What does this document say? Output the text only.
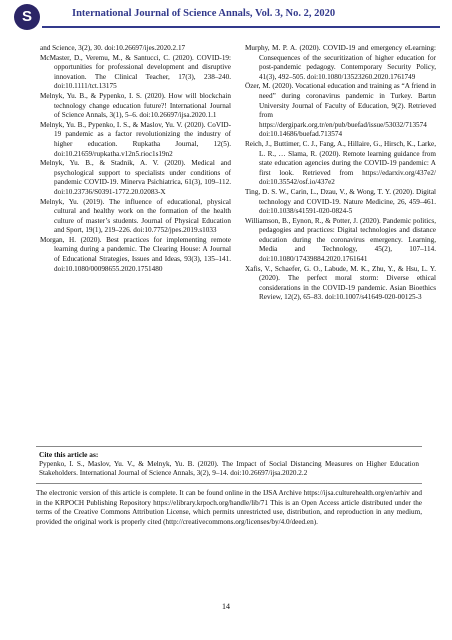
S	International Journal of Science Annals, Vol. 3, No. 2, 2020

and Science, 3(2), 30. doi:10.26697/ijes.2020.2.17

McMaster, D., Veremu, M., & Santucci, C. (2020). COVID-19: opportunities for professional development and disruptive innovation. The Clinical Teacher, 17(3), 238–240. doi:10.1111/tct.13175

Melnyk, Yu. B., & Pypenko, I. S. (2020). How will blockchain technology change education future?! International Journal of Science Annals, 3(1), 5–6. doi:10.26697/ijsa.2020.1.1

Melnyk, Yu. B., Pypenko, I. S., & Maslov, Yu. V. (2020). CoVID-19 pandemic as a factor revolutionizing the industry of higher education. Rupkatha Journal, 12(5). doi:10.21659/rupkatha.v12n5.rioc1s19n2

Melnyk, Yu. B., & Stadnik, A. V. (2020). Medical and psychological support to specialists under conditions of pandemic COVID-19. Minerva Psichiatrica, 61(3), 109–112. doi:10.23736/S0391-1772.20.02083-X

Melnyk, Yu. (2019). The influence of educational, physical cultural and healthy work on the formation of the health culture of master’s students. Journal of Physical Education and Sport, 19(1), 219–226. doi:10.7752/jpes.2019.s1033

Morgan, H. (2020). Best practices for implementing remote learning during a pandemic. The Clearing House: A Journal of Educational Strategies, Issues and Ideas, 93(3), 135–141. doi:10.1080/00098655.2020.1751480

Murphy, M. P. A. (2020). COVID-19 and emergency eLearning: Consequences of the securitization of higher education for post-pandemic pedagogy. Contemporary Security Policy, 41(3), 492–505. doi:10.1080/13523260.2020.1761749

Özer, M. (2020). Vocational education and training as “A friend in need” during coronavirus pandemic in Turkey. Bartın University Journal of Faculty of Education, 9(2). Retrieved from https://dergipark.org.tr/en/pub/buefad/issue/53032/713574 doi:10.14686/buefad.713574

Reich, J., Buttimer, C. J., Fang, A., Hillaire, G., Hirsch, K., Larke, L. R., … Slama, R. (2020). Remote learning guidance from state education agencies during the COVID-19 pandemic: A first look. Retrieved from https://edarxiv.org/437e2/ doi:10.35542/osf.io/437e2

Ting, D. S. W., Carin, L., Dzau, V., & Wong, T. Y. (2020). Digital technology and COVID-19. Nature Medicine, 26, 459–461. doi:10.1038/s41591-020-0824-5

Williamson, B., Eynon, R., & Potter, J. (2020). Pandemic politics, pedagogies and practices: Digital technologies and distance education during the coronavirus emergency. Learning, Media and Technology, 45(2), 107–114. doi:10.1080/17439884.2020.1761641

Xafis, V., Schaefer, G. O., Labude, M. K., Zhu, Y., & Hsu, L. Y. (2020). The perfect moral storm: Diverse ethical considerations in the COVID-19 pandemic. Asian Bioethics Review, 12(2), 65–83. doi:10.1007/s41649-020-00125-3

Cite this article as:
Pypenko, I. S., Maslov, Yu. V., & Melnyk, Yu. B. (2020). The Impact of Social Distancing Measures on Higher Education Stakeholders. International Journal of Science Annals, 3(2), 9–14. doi:10.26697/ijsa.2020.2.2
The electronic version of this article is complete. It can be found online in the IJSA Archive https://ijsa.culturehealth.org/en/arhiv and in the KRPOCH Publishing Repository https://elibrary.krpoch.org/handle/lib/71 This is an Open Access article distributed under the terms of the Creative Commons Attribution License, which permits unrestricted use, distribution, and reproduction in any medium, provided the original work is properly cited (http://creativecommons.org/licenses/by/4.0/deed.en).
14
